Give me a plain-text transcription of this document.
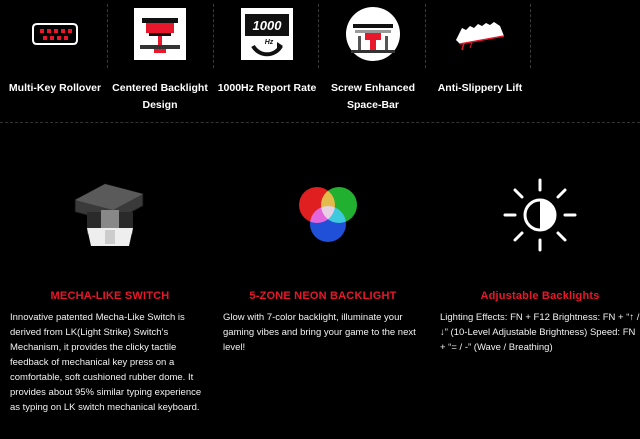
Multi-Key Rollover	Centered Backlight Design
1000
Hz
1000Hz Report Rate	Screw Enhanced Space-Bar
Anti-Slippery Lift
MECHA-LIKE SWITCH
Innovative patented Mecha-Like Switch is derived from LK(Light Strike) Switch’s Mechanism, it provides the clicky tactile feedback of mechanical key press on a comfortable, soft cushioned rubber dome. It provides about 95% similar typing experience as typing on LK switch mechanical keyboard.
5-ZONE NEON BACKLIGHT
Glow with 7-color backlight, illuminate your gaming vibes and bring your game to the next level!
Adjustable Backlights
Lighting Effects: FN + F12 Brightness: FN + “↑ / ↓” (10-Level Adjustable Brightness) Speed: FN + “= / -” (Wave / Breathing)
